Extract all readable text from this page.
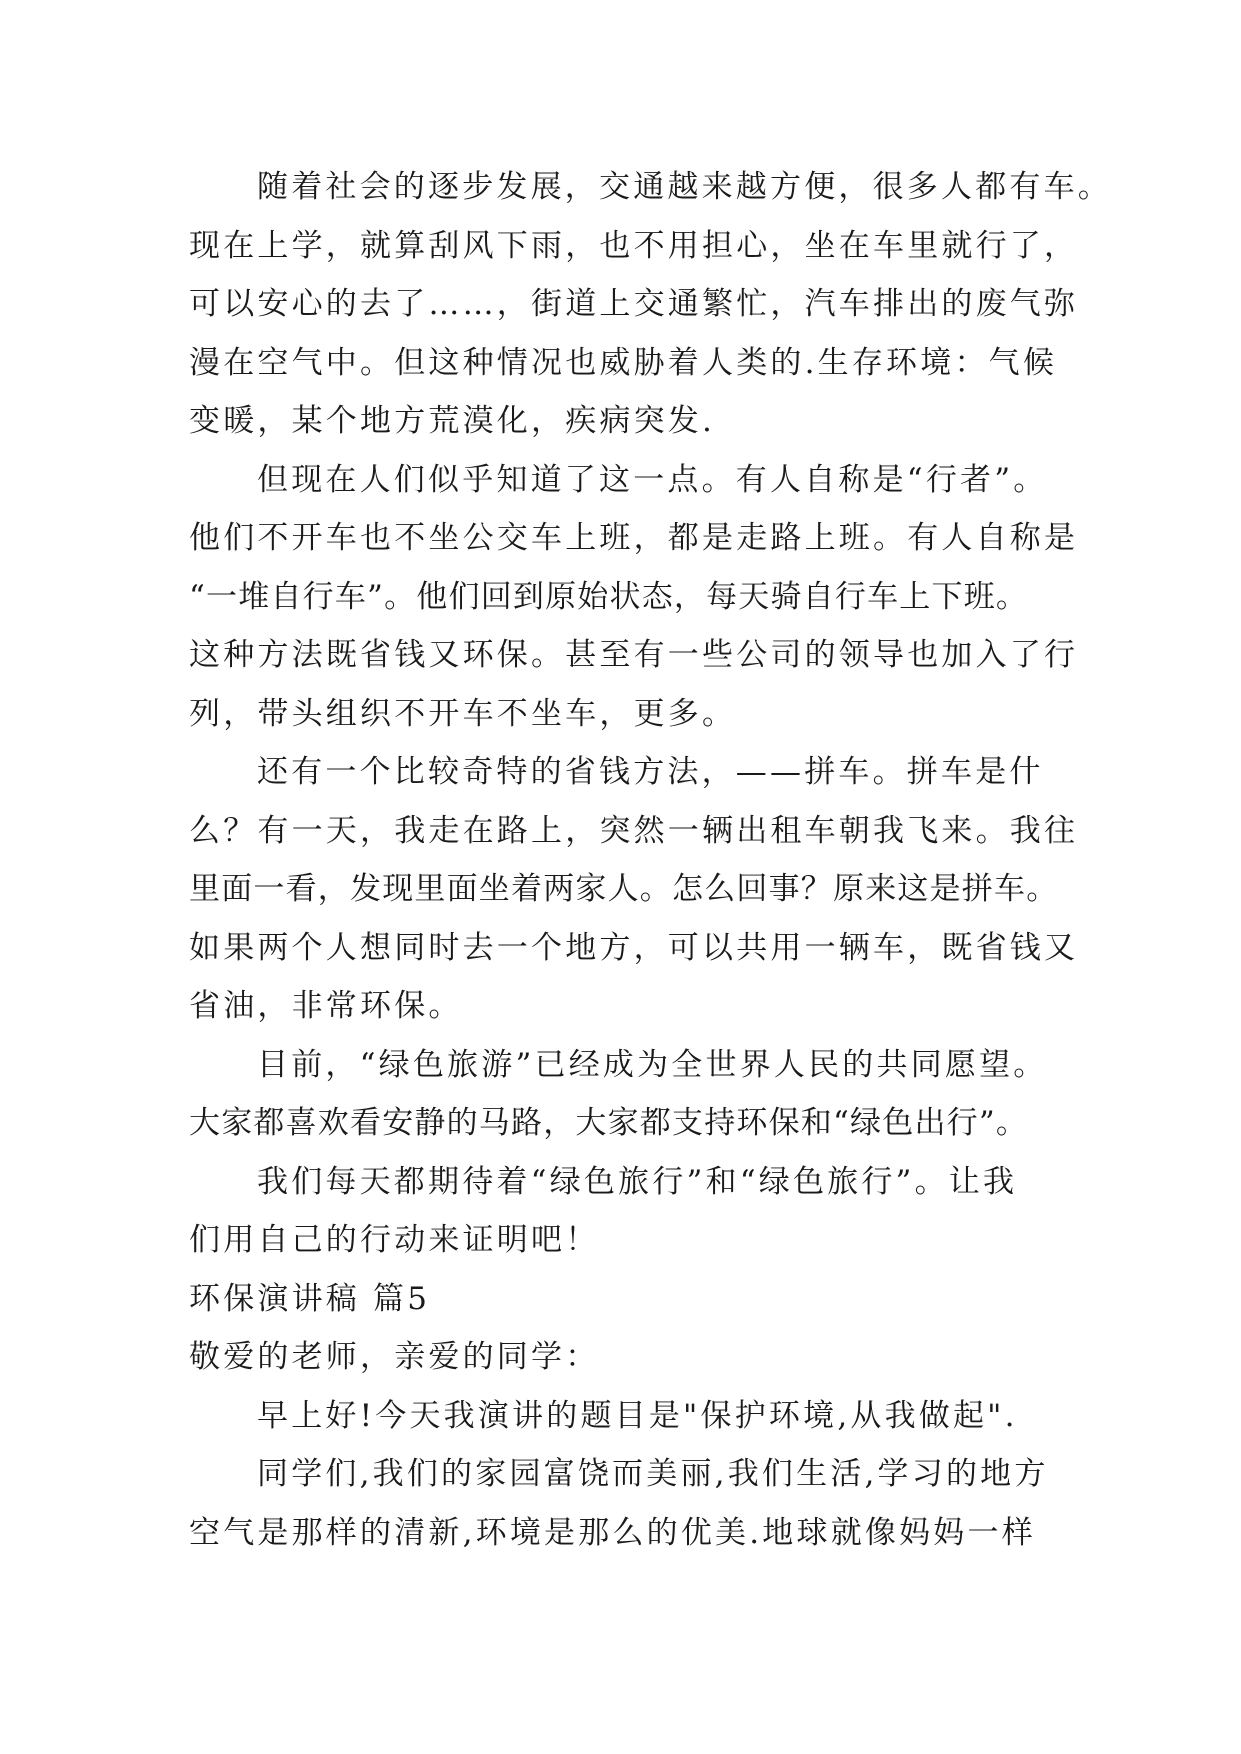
随着社会的逐步发展，交通越来越方便，很多人都有车。
现在上学，就算刮风下雨，也不用担心，坐在车里就行了，
可以安心的去了……，街道上交通繁忙，汽车排出的废气弥
漫在空气中。但这种情况也威胁着人类的.生存环境：气候
变暖，某个地方荒漠化，疾病突发.
但现在人们似乎知道了这一点。有人自称是“行者”。
他们不开车也不坐公交车上班，都是走路上班。有人自称是
“一堆自行车”。他们回到原始状态，每天骑自行车上下班。
这种方法既省钱又环保。甚至有一些公司的领导也加入了行
列，带头组织不开车不坐车，更多。
还有一个比较奇特的省钱方法，——拼车。拼车是什
么？有一天，我走在路上，突然一辆出租车朝我飞来。我往
里面一看，发现里面坐着两家人。怎么回事？原来这是拼车。
如果两个人想同时去一个地方，可以共用一辆车，既省钱又
省油，非常环保。
目前，“绿色旅游”已经成为全世界人民的共同愿望。
大家都喜欢看安静的马路，大家都支持环保和“绿色出行”。
我们每天都期待着“绿色旅行”和“绿色旅行”。让我
们用自己的行动来证明吧！
环保演讲稿 篇5
敬爱的老师，亲爱的同学：
早上好!今天我演讲的题目是"保护环境,从我做起".
同学们,我们的家园富饶而美丽,我们生活,学习的地方
空气是那样的清新,环境是那么的优美.地球就像妈妈一样
